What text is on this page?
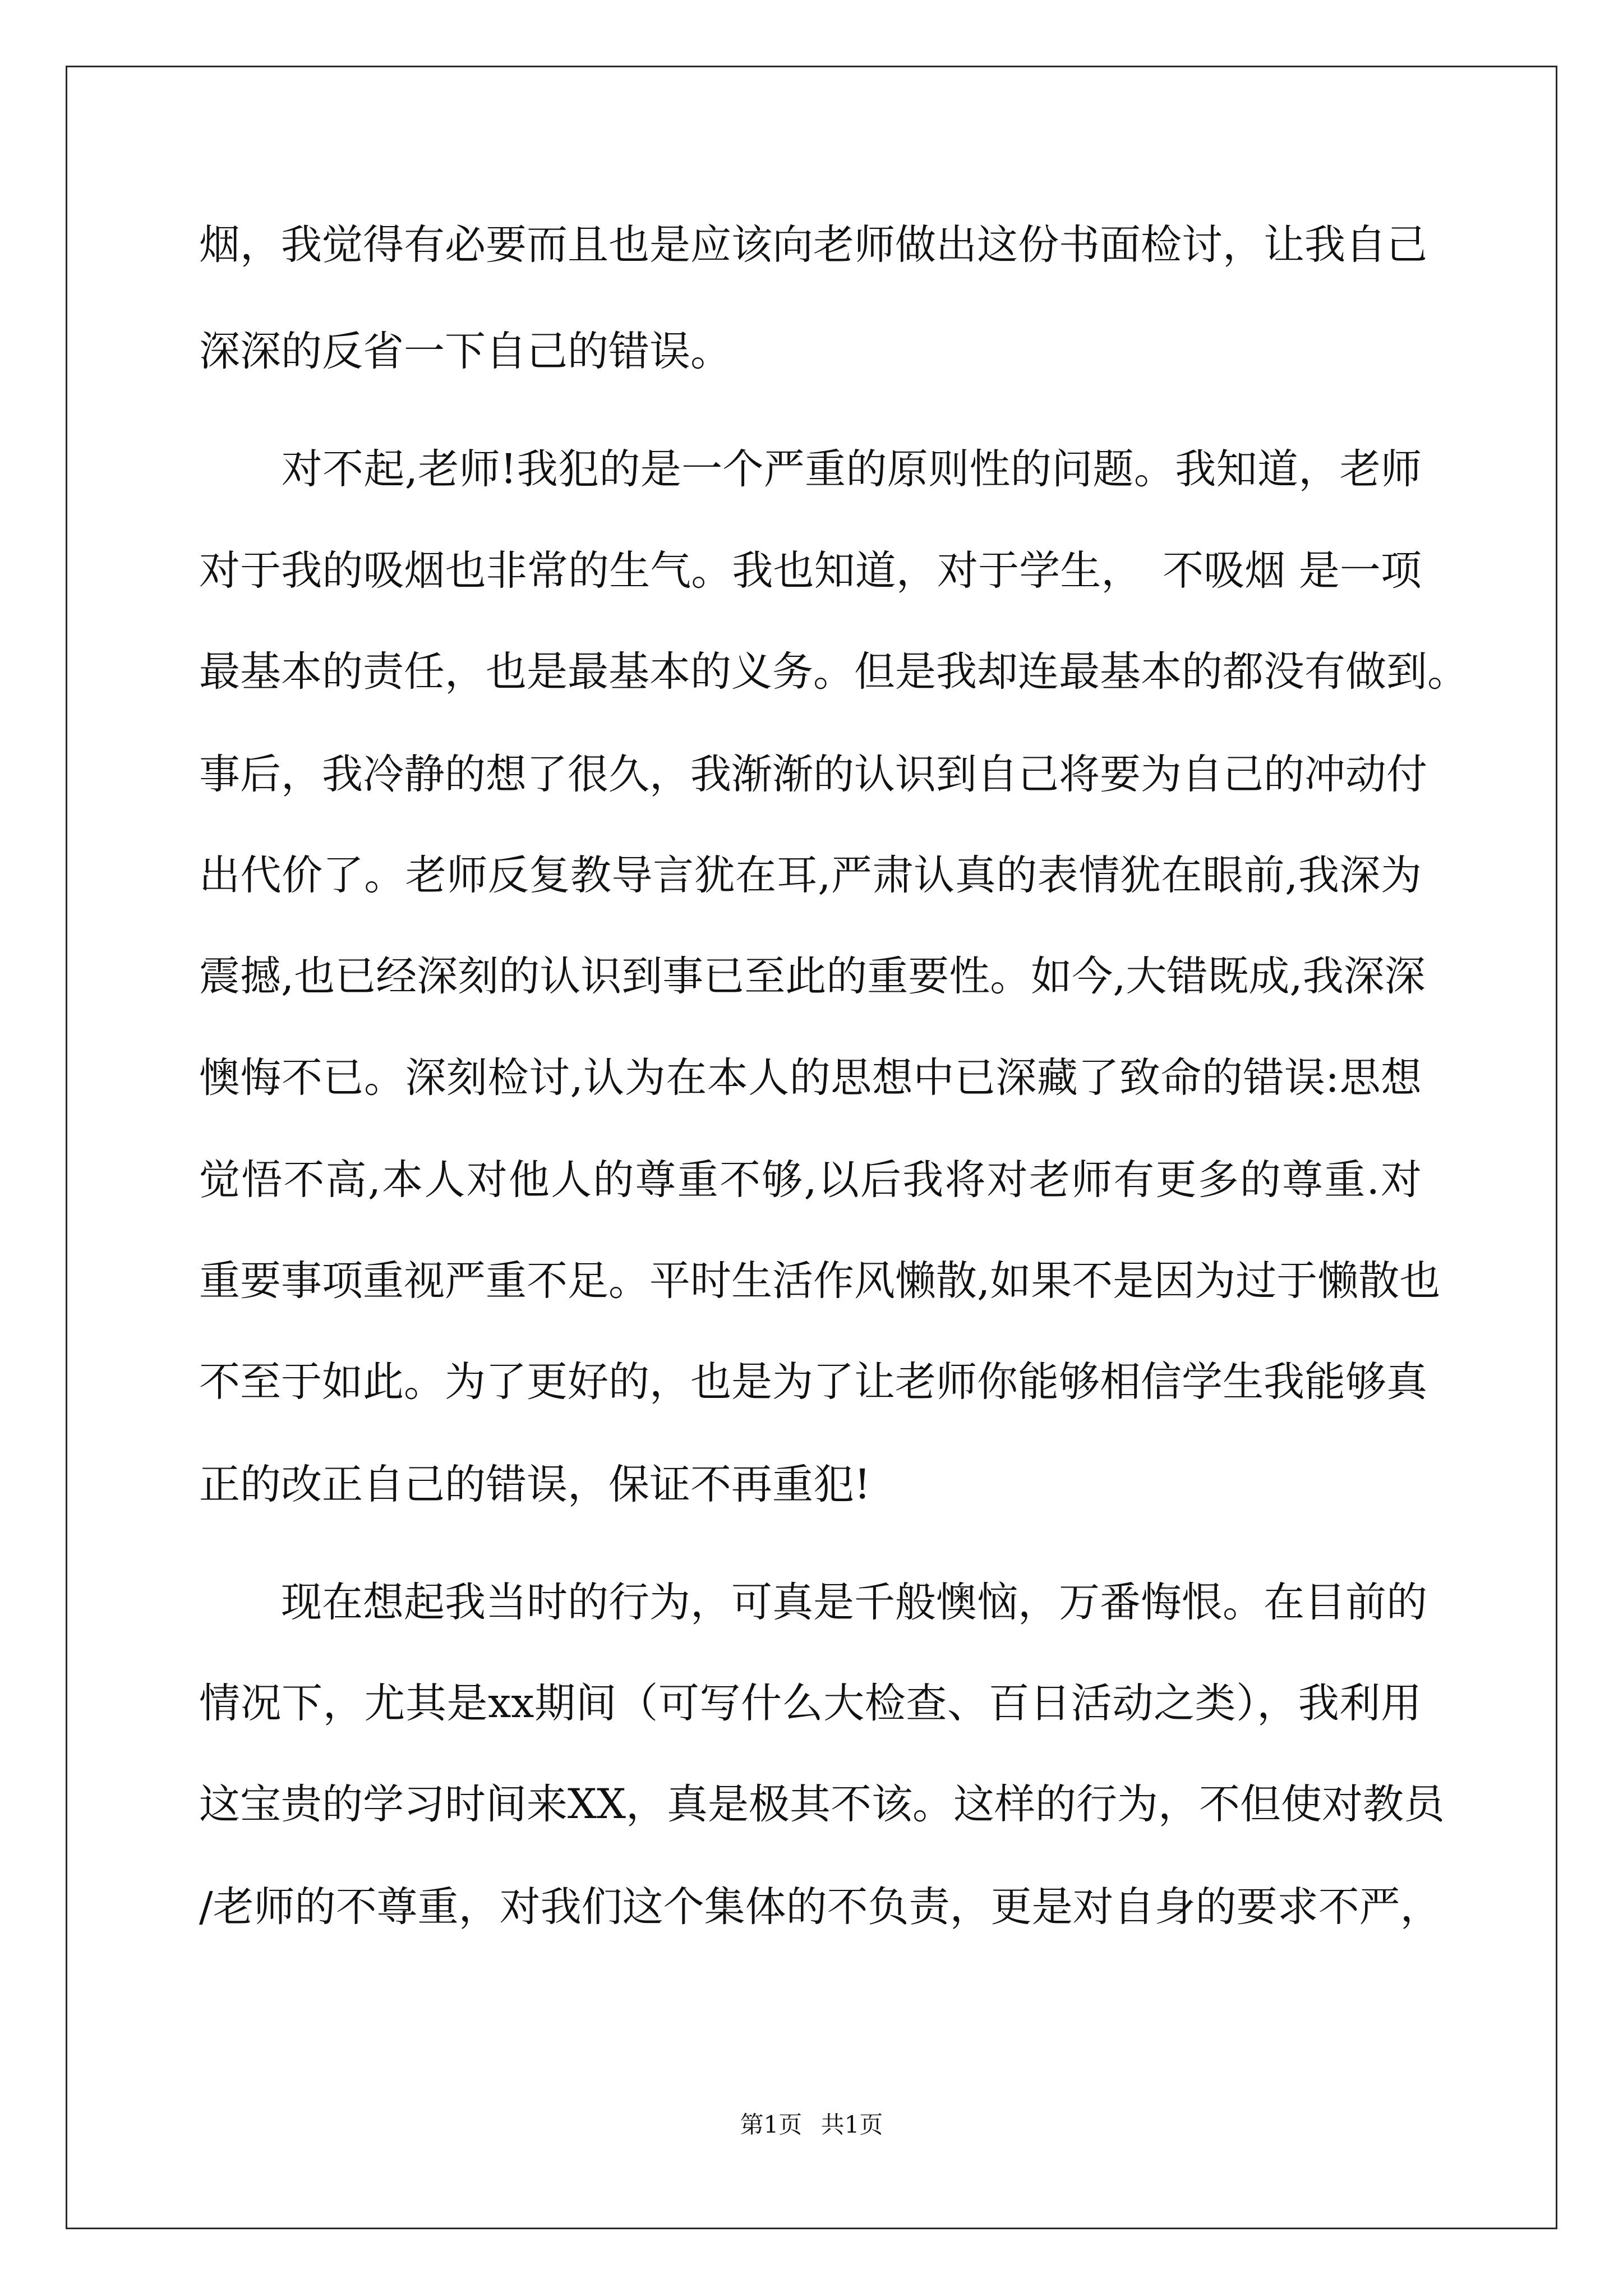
烟，我觉得有必要而且也是应该向老师做出这份书面检讨，让我自己
深深的反省一下自己的错误。
　　对不起,老师!我犯的是一个严重的原则性的问题。我知道，老师
对于我的吸烟也非常的生气。我也知道，对于学生，　不吸烟 是一项
最基本的责任，也是最基本的义务。但是我却连最基本的都没有做到。
事后，我冷静的想了很久，我渐渐的认识到自己将要为自己的冲动付
出代价了。老师反复教导言犹在耳,严肃认真的表情犹在眼前,我深为
震撼,也已经深刻的认识到事已至此的重要性。如今,大错既成,我深深
懊悔不已。深刻检讨,认为在本人的思想中已深藏了致命的错误:思想
觉悟不高,本人对他人的尊重不够,以后我将对老师有更多的尊重.对
重要事项重视严重不足。平时生活作风懒散,如果不是因为过于懒散也
不至于如此。为了更好的，也是为了让老师你能够相信学生我能够真
正的改正自己的错误，保证不再重犯!
　　现在想起我当时的行为，可真是千般懊恼，万番悔恨。在目前的
情况下，尤其是xx期间（可写什么大检查、百日活动之类），我利用
这宝贵的学习时间来XX，真是极其不该。这样的行为，不但使对教员
/老师的不尊重，对我们这个集体的不负责，更是对自身的要求不严，
第1页 共1页
